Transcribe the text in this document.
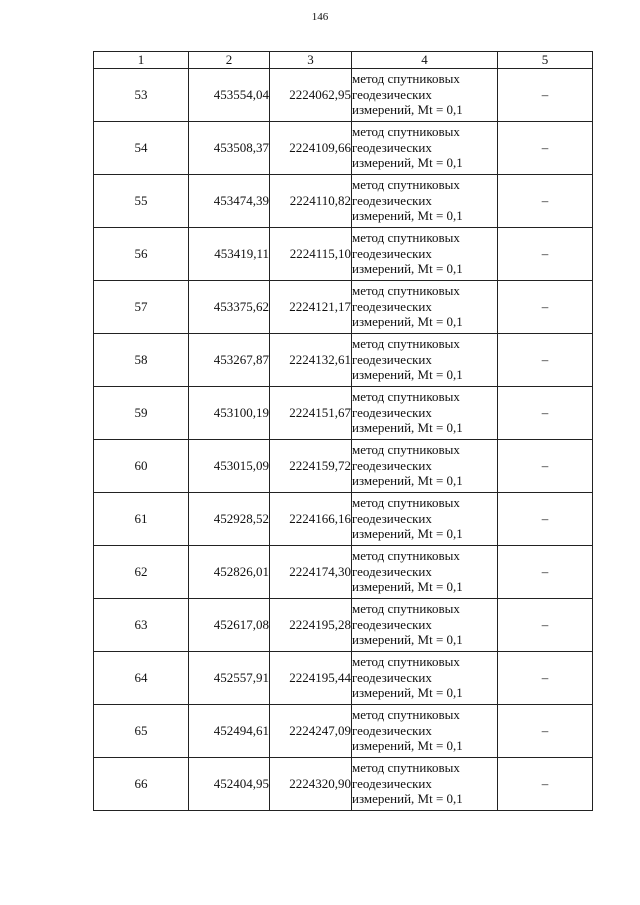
146
1	2	3	4	5
53	453554,04	2224062,95	метод спутниковых
геодезических
измерений, Mt = 0,1	–
54	453508,37	2224109,66	метод спутниковых
геодезических
измерений, Mt = 0,1	–
55	453474,39	2224110,82	метод спутниковых
геодезических
измерений, Mt = 0,1	–
56	453419,11	2224115,10	метод спутниковых
геодезических
измерений, Mt = 0,1	–
57	453375,62	2224121,17	метод спутниковых
геодезических
измерений, Mt = 0,1	–
58	453267,87	2224132,61	метод спутниковых
геодезических
измерений, Mt = 0,1	–
59	453100,19	2224151,67	метод спутниковых
геодезических
измерений, Mt = 0,1	–
60	453015,09	2224159,72	метод спутниковых
геодезических
измерений, Mt = 0,1	–
61	452928,52	2224166,16	метод спутниковых
геодезических
измерений, Mt = 0,1	–
62	452826,01	2224174,30	метод спутниковых
геодезических
измерений, Mt = 0,1	–
63	452617,08	2224195,28	метод спутниковых
геодезических
измерений, Mt = 0,1	–
64	452557,91	2224195,44	метод спутниковых
геодезических
измерений, Mt = 0,1	–
65	452494,61	2224247,09	метод спутниковых
геодезических
измерений, Mt = 0,1	–
66	452404,95	2224320,90	метод спутниковых
геодезических
измерений, Mt = 0,1	–
